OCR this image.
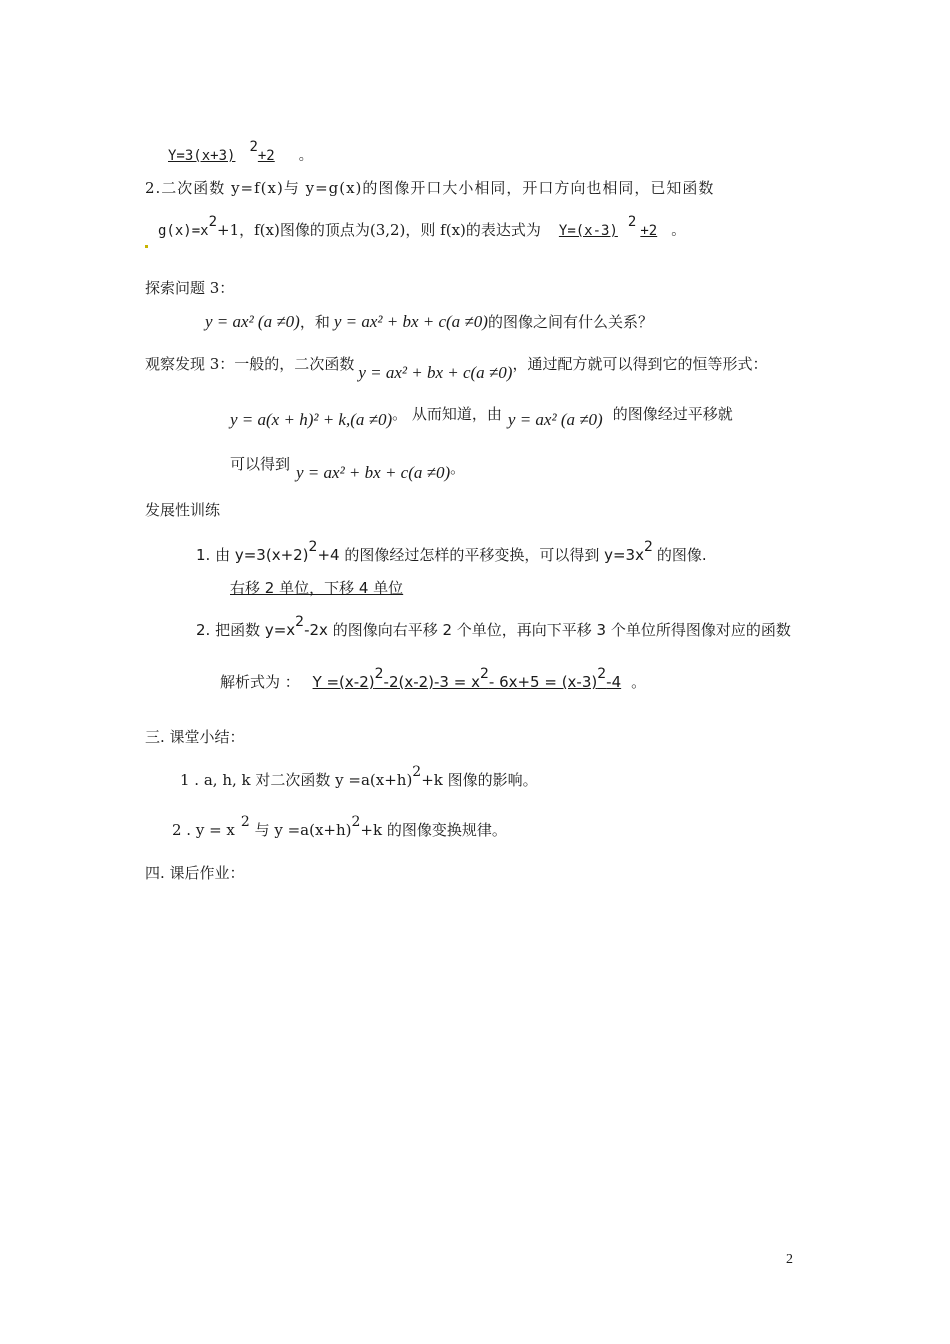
Y=3(x+3)2+2 。
2.二次函数 y=f(x)与 y=g(x)的图像开口大小相同，开口方向也相同，已知函数
g(x)=x2+1，f(x)图像的顶点为(3,2)，则 f(x)的表达式为 Y=(x-3)2+2 。
探索问题 3：
y = ax² (a ≠0)，和 y = ax² + bx + c(a ≠0)的图像之间有什么关系？
观察发现 3：一般的，二次函数 y = ax² + bx + c(a ≠0)，通过配方就可以得到它的恒等形式：
y = a(x + h)² + k,(a ≠0)。 从而知道，由 y = ax² (a ≠0) 的图像经过平移就
可以得到 y = ax² + bx + c(a ≠0)。
发展性训练
1. 由 y=3(x+2)2+4 的图像经过怎样的平移变换，可以得到 y=3x2 的图像.
右移 2 单位，下移 4 单位
2. 把函数 y=x2-2x 的图像向右平移 2 个单位，再向下平移 3 个单位所得图像对应的函数
解析式为 ： Y =(x-2)2-2(x-2)-3 = x2- 6x+5 = (x-3)2-4 。
三. 课堂小结：
1 . a, h, k 对二次函数 y =a(x+h)2+k 图像的影响。
2 . y = x 2 与 y =a(x+h)2+k 的图像变换规律。
四. 课后作业：
2
